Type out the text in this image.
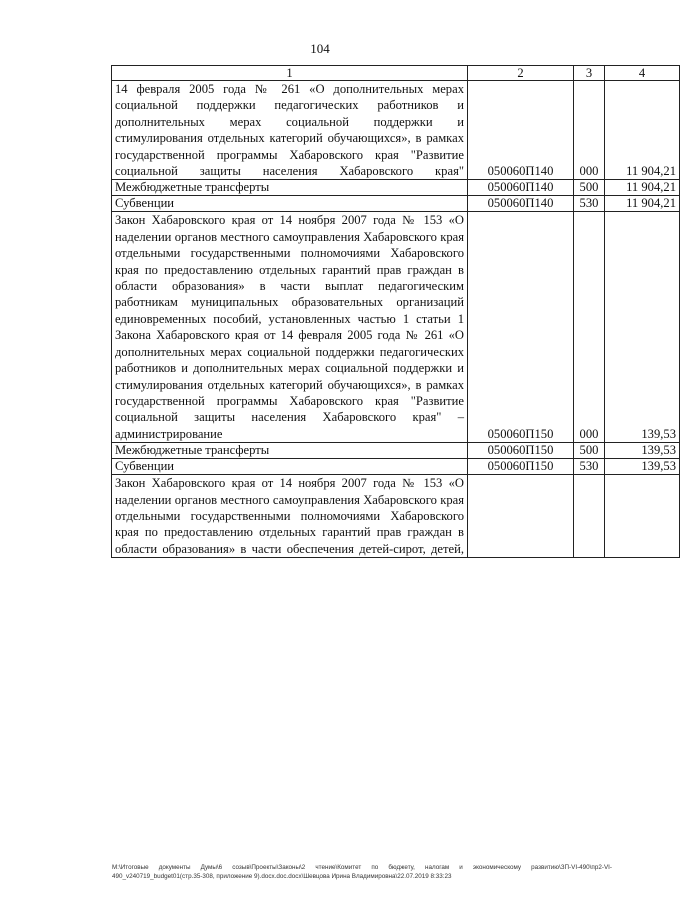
104
1	2	3	4

14 февраля 2005 года № 261 «О дополнительных мерах социальной поддержки педагогических работников и дополнительных мерах социальной поддержки и стимулирования отдельных категорий обучающихся», в рамках государственной программы Хабаровского края "Развитие социальной защиты населения Хабаровского края"	050060П140	000	11 904,21
Межбюджетные трансферты	050060П140	500	11 904,21
Субвенции	050060П140	530	11 904,21

Закон Хабаровского края от 14 ноября 2007 года № 153 «О наделении органов местного самоуправления Хабаровского края отдельными государственными полномочиями Хабаровского края по предоставлению отдельных гарантий прав граждан в области образования» в части выплат педагогическим работникам муниципальных образовательных организаций единовременных пособий, установленных частью 1 статьи 1 Закона Хабаровского края от 14 февраля 2005 года № 261 «О дополнительных мерах социальной поддержки педагогических работников и дополнительных мерах социальной поддержки и стимулирования отдельных категорий обучающихся», в рамках государственной программы Хабаровского края "Развитие социальной защиты населения Хабаровского края" – администрирование	050060П150	000	139,53
Межбюджетные трансферты	050060П150	500	139,53
Субвенции	050060П150	530	139,53

Закон Хабаровского края от 14 ноября 2007 года № 153 «О наделении органов местного самоуправления Хабаровского края отдельными государственными полномочиями Хабаровского края по предоставлению отдельных гарантий прав граждан в области образования» в части обеспечения детей-сирот, детей,			

M:\Итоговые документы Думы\6 созыв\Проекты\Законы\2 чтение\Комитет по бюджету, налогам и экономическому развитию\ЗП-VI-490\пр2-VI-490_v240719_budget01(стр.35-308, приложение 9).docx.doc.docx\Шевцова Ирина Владимировна\22.07.2019 8:33:23
